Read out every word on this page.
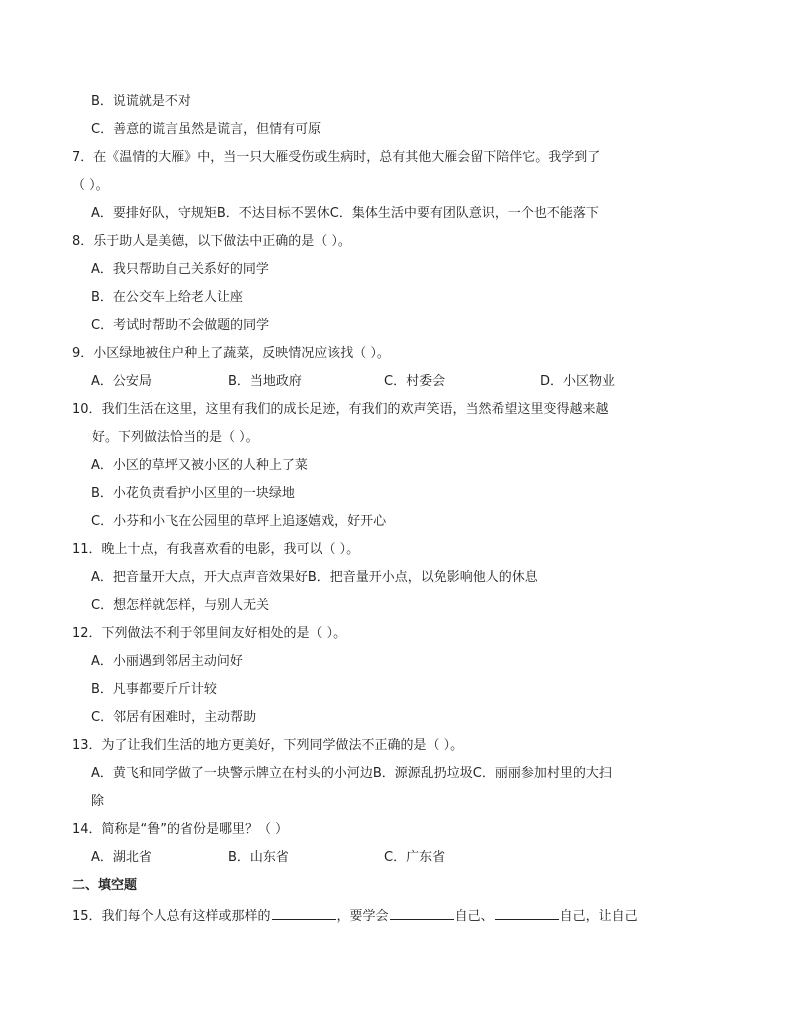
B．说谎就是不对
C．善意的谎言虽然是谎言，但情有可原
7．在《温情的大雁》中，当一只大雁受伤或生病时，总有其他大雁会留下陪伴它。我学到了
（ ）。
A．要排好队，守规矩B．不达目标不罢休C．集体生活中要有团队意识，一个也不能落下
8．乐于助人是美德，以下做法中正确的是（ ）。
A．我只帮助自己关系好的同学
B．在公交车上给老人让座
C．考试时帮助不会做题的同学
9．小区绿地被住户种上了蔬菜，反映情况应该找（ ）。
A．公安局	B．当地政府	C．村委会	D．小区物业
10．我们生活在这里，这里有我们的成长足迹，有我们的欢声笑语，当然希望这里变得越来越
好。下列做法恰当的是（ ）。
A．小区的草坪又被小区的人种上了菜
B．小花负责看护小区里的一块绿地
C．小芬和小飞在公园里的草坪上追逐嬉戏，好开心
11．晚上十点，有我喜欢看的电影，我可以（ ）。
A．把音量开大点，开大点声音效果好B．把音量开小点，以免影响他人的休息
C．想怎样就怎样，与别人无关
12．下列做法不利于邻里间友好相处的是（ ）。
A．小丽遇到邻居主动问好
B．凡事都要斤斤计较
C．邻居有困难时，主动帮助
13．为了让我们生活的地方更美好，下列同学做法不正确的是（ ）。
A．黄飞和同学做了一块警示牌立在村头的小河边B．源源乱扔垃圾C．丽丽参加村里的大扫
除
14．简称是“鲁”的省份是哪里？（ ）
A．湖北省	B．山东省	C．广东省
二、填空题
15．我们每个人总有这样或那样的	，要学会	自己、	自己，让自己
